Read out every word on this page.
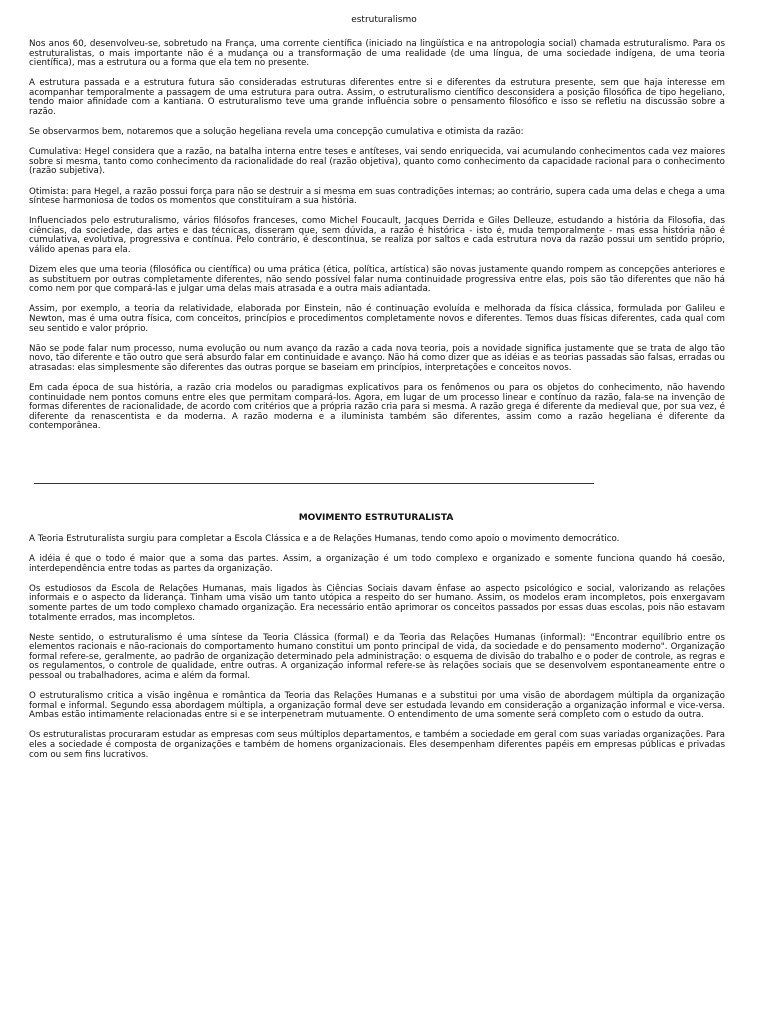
estruturalismo

Nos anos 60, desenvolveu-se, sobretudo na França, uma corrente científica (iniciado na lingüística e na antropologia social) chamada estruturalismo. Para os estruturalistas, o mais importante não é a mudança ou a transformação de uma realidade (de uma língua, de uma sociedade indígena, de uma teoria científica), mas a estrutura ou a forma que ela tem no presente.

A estrutura passada e a estrutura futura são consideradas estruturas diferentes entre si e diferentes da estrutura presente, sem que haja interesse em acompanhar temporalmente a passagem de uma estrutura para outra. Assim, o estruturalismo científico desconsidera a posição filosófica de tipo hegeliano, tendo maior afinidade com a kantiana. O estruturalismo teve uma grande influência sobre o pensamento filosófico e isso se refletiu na discussão sobre a razão.

Se observarmos bem, notaremos que a solução hegeliana revela uma concepção cumulativa e otimista da razão:

Cumulativa: Hegel considera que a razão, na batalha interna entre teses e antíteses, vai sendo enriquecida, vai acumulando conhecimentos cada vez maiores sobre si mesma, tanto como conhecimento da racionalidade do real (razão objetiva), quanto como conhecimento da capacidade racional para o conhecimento (razão subjetiva).

Otimista: para Hegel, a razão possui força para não se destruir a si mesma em suas contradições internas; ao contrário, supera cada uma delas e chega a uma síntese harmoniosa de todos os momentos que constituíram a sua história.

Influenciados pelo estruturalismo, vários filósofos franceses, como Michel Foucault, Jacques Derrida e Giles Delleuze, estudando a história da Filosofia, das ciências, da sociedade, das artes e das técnicas, disseram que, sem dúvida, a razão é histórica - isto é, muda temporalmente - mas essa história não é cumulativa, evolutiva, progressiva e contínua. Pelo contrário, é descontínua, se realiza por saltos e cada estrutura nova da razão possui um sentido próprio, válido apenas para ela.

Dizem eles que uma teoria (filosófica ou científica) ou uma prática (ética, política, artística) são novas justamente quando rompem as concepções anteriores e as substituem por outras completamente diferentes, não sendo possível falar numa continuidade progressiva entre elas, pois são tão diferentes que não há como nem por que compará-las e julgar uma delas mais atrasada e a outra mais adiantada.

Assim, por exemplo, a teoria da relatividade, elaborada por Einstein, não é continuação evoluída e melhorada da física clássica, formulada por Galileu e Newton, mas é uma outra física, com conceitos, princípios e procedimentos completamente novos e diferentes. Temos duas físicas diferentes, cada qual com seu sentido e valor próprio.

Não se pode falar num processo, numa evolução ou num avanço da razão a cada nova teoria, pois a novidade significa justamente que se trata de algo tão novo, tão diferente e tão outro que será absurdo falar em continuidade e avanço. Não há como dizer que as idéias e as teorias passadas são falsas, erradas ou atrasadas: elas simplesmente são diferentes das outras porque se baseiam em princípios, interpretações e conceitos novos.

Em cada época de sua história, a razão cria modelos ou paradigmas explicativos para os fenômenos ou para os objetos do conhecimento, não havendo continuidade nem pontos comuns entre eles que permitam compará-los. Agora, em lugar de um processo linear e contínuo da razão, fala-se na invenção de formas diferentes de racionalidade, de acordo com critérios que a própria razão cria para si mesma. A razão grega é diferente da medieval que, por sua vez, é diferente da renascentista e da moderna. A razão moderna e a iluminista também são diferentes, assim como a razão hegeliana é diferente da contemporânea.

MOVIMENTO ESTRUTURALISTA

A Teoria Estruturalista surgiu para completar a Escola Clássica e a de Relações Humanas, tendo como apoio o movimento democrático.

A idéia é que o todo é maior que a soma das partes. Assim, a organização é um todo complexo e organizado e somente funciona quando há coesão, interdependência entre todas as partes da organização.

Os estudiosos da Escola de Relações Humanas, mais ligados às Ciências Sociais davam ênfase ao aspecto psicológico e social, valorizando as relações informais e o aspecto da liderança. Tinham uma visão um tanto utópica a respeito do ser humano. Assim, os modelos eram incompletos, pois enxergavam somente partes de um todo complexo chamado organização. Era necessário então aprimorar os conceitos passados por essas duas escolas, pois não estavam totalmente errados, mas incompletos.

Neste sentido, o estruturalismo é uma síntese da Teoria Clássica (formal) e da Teoria das Relações Humanas (informal): "Encontrar equilíbrio entre os elementos racionais e não-racionais do comportamento humano constitui um ponto principal de vida, da sociedade e do pensamento moderno". Organização formal refere-se, geralmente, ao padrão de organização determinado pela administração: o esquema de divisão do trabalho e o poder de controle, as regras e os regulamentos, o controle de qualidade, entre outras. A organização informal refere-se às relações sociais que se desenvolvem espontaneamente entre o pessoal ou trabalhadores, acima e além da formal.

O estruturalismo critica a visão ingênua e romântica da Teoria das Relações Humanas e a substitui por uma visão de abordagem múltipla da organização formal e informal. Segundo essa abordagem múltipla, a organização formal deve ser estudada levando em consideração a organização informal e vice-versa. Ambas estão intimamente relacionadas entre si e se interpenetram mutuamente. O entendimento de uma somente será completo com o estudo da outra.

Os estruturalistas procuraram estudar as empresas com seus múltiplos departamentos, e também a sociedade em geral com suas variadas organizações. Para eles a sociedade é composta de organizações e também de homens organizacionais. Eles desempenham diferentes papéis em empresas públicas e privadas com ou sem fins lucrativos.
